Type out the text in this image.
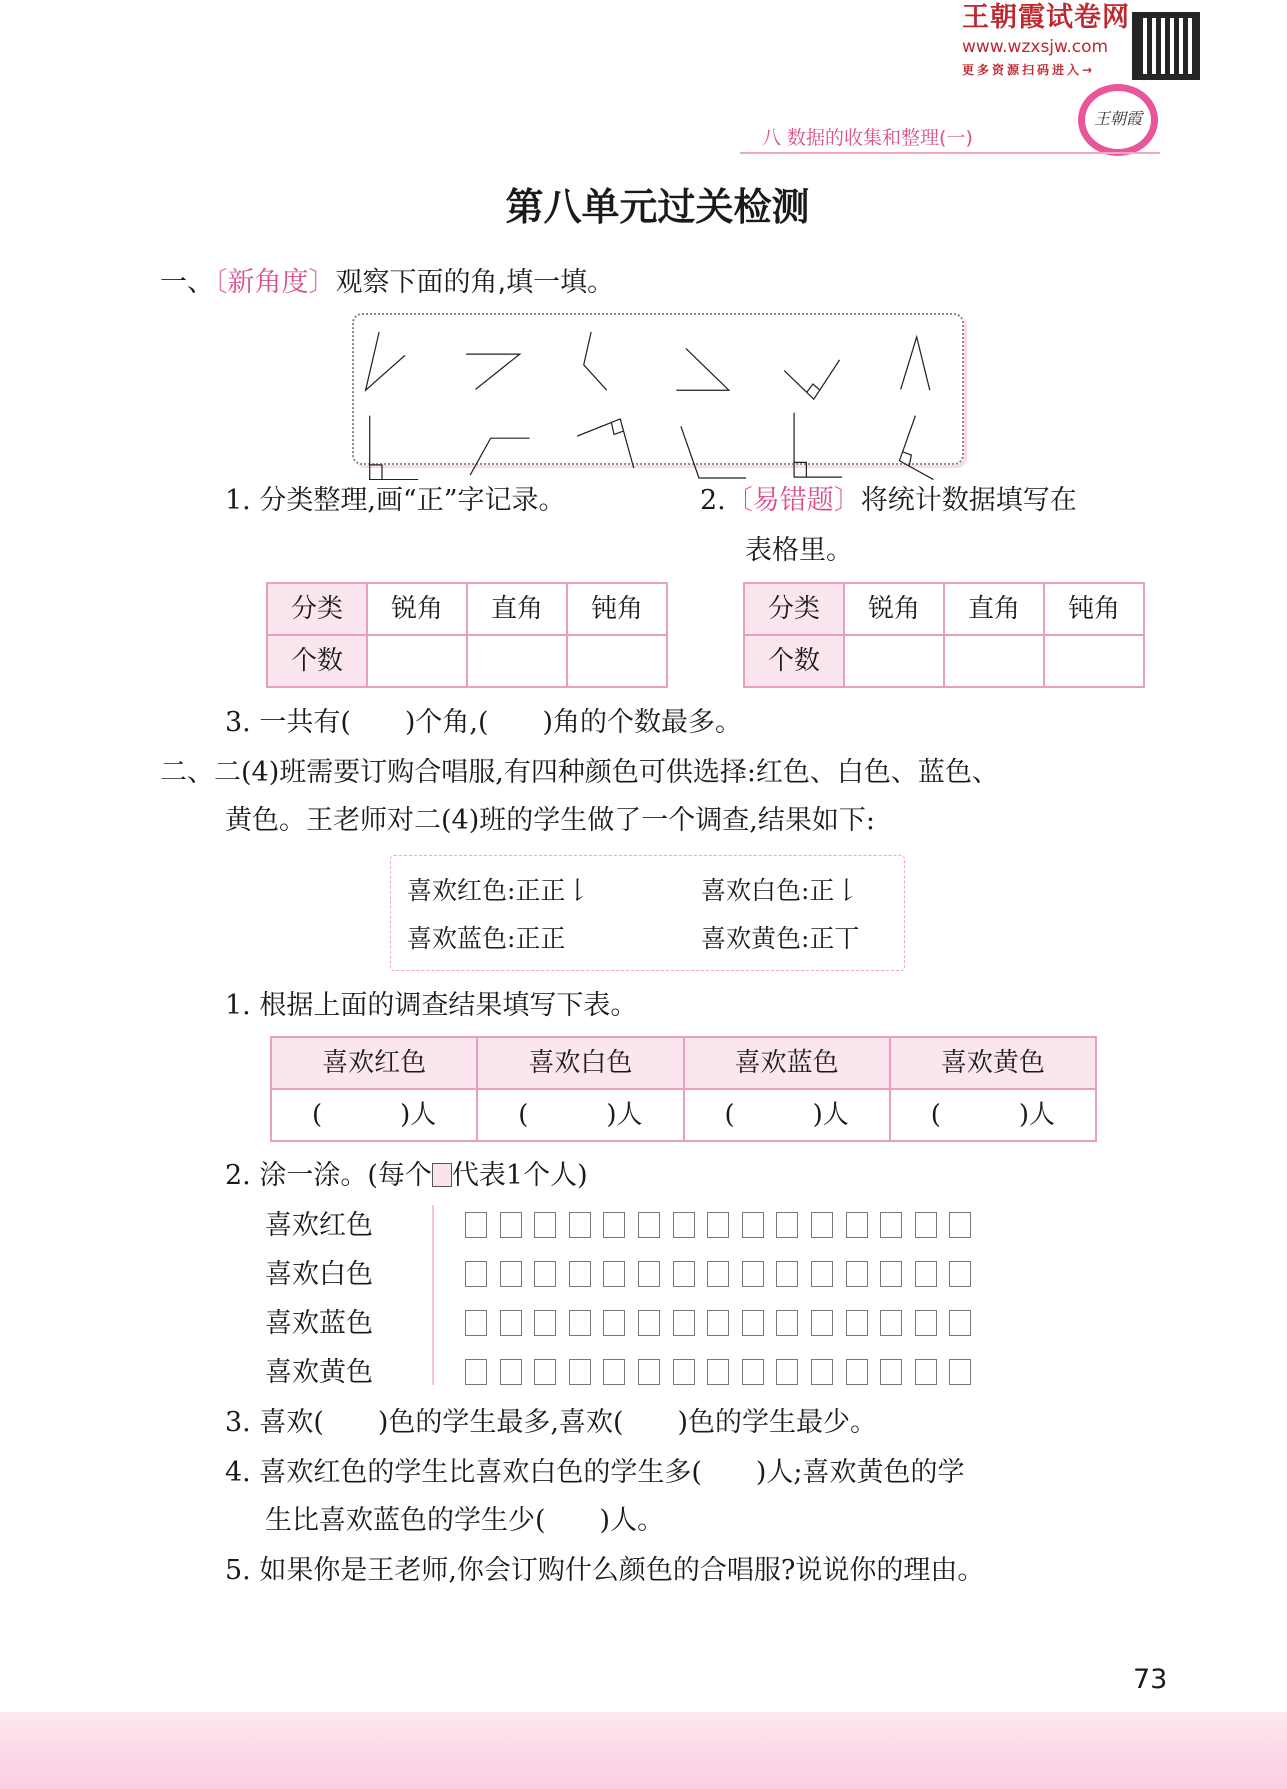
王朝霞试卷网
www.wzxsjw.com
更多资源扫码进入→
王朝霞
八 数据的收集和整理(一)
第八单元过关检测
一、〔新角度〕观察下面的角,填一填。
1. 分类整理,画“正”字记录。	2.〔易错题〕将统计数据填写在
表格里。
分类	锐角	直角	钝角
个数			
分类	锐角	直角	钝角
个数			
3. 一共有(　　)个角,(　　)角的个数最多。
二、二(4)班需要订购合唱服,有四种颜色可供选择:红色、白色、蓝色、
黄色。王老师对二(4)班的学生做了一个调查,结果如下:
喜欢红色:正正𠄌	喜欢白色:正𠄌
喜欢蓝色:正正	喜欢黄色:正丅
1. 根据上面的调查结果填写下表。
喜欢红色	喜欢白色	喜欢蓝色	喜欢黄色
(　　　)人	(　　　)人	(　　　)人	(　　　)人
2. 涂一涂。(每个 代表1个人)
喜欢红色
喜欢白色
喜欢蓝色
喜欢黄色
3. 喜欢(　　)色的学生最多,喜欢(　　)色的学生最少。
4. 喜欢红色的学生比喜欢白色的学生多(　　)人;喜欢黄色的学
生比喜欢蓝色的学生少(　　)人。
5. 如果你是王老师,你会订购什么颜色的合唱服?说说你的理由。
73
